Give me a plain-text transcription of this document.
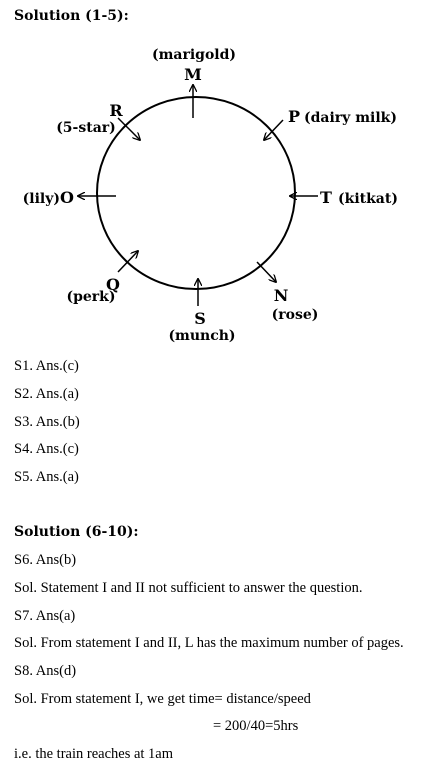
Solution (1-5):
(marigold)
M
P (dairy milk)
T (kitkat)
N
(rose)
S
(munch)
Q
(perk)
(lily) O
R
(5-star)
S1. Ans.(c)
S2. Ans.(a)
S3. Ans.(b)
S4. Ans.(c)
S5. Ans.(a)
Solution (6-10):
S6. Ans(b)
Sol. Statement I and II not sufficient to answer the question.
S7. Ans(a)
Sol. From statement I and II, L has the maximum number of pages.
S8. Ans(d)
Sol. From statement I, we get time= distance/speed
= 200/40=5hrs
i.e. the train reaches at 1am
